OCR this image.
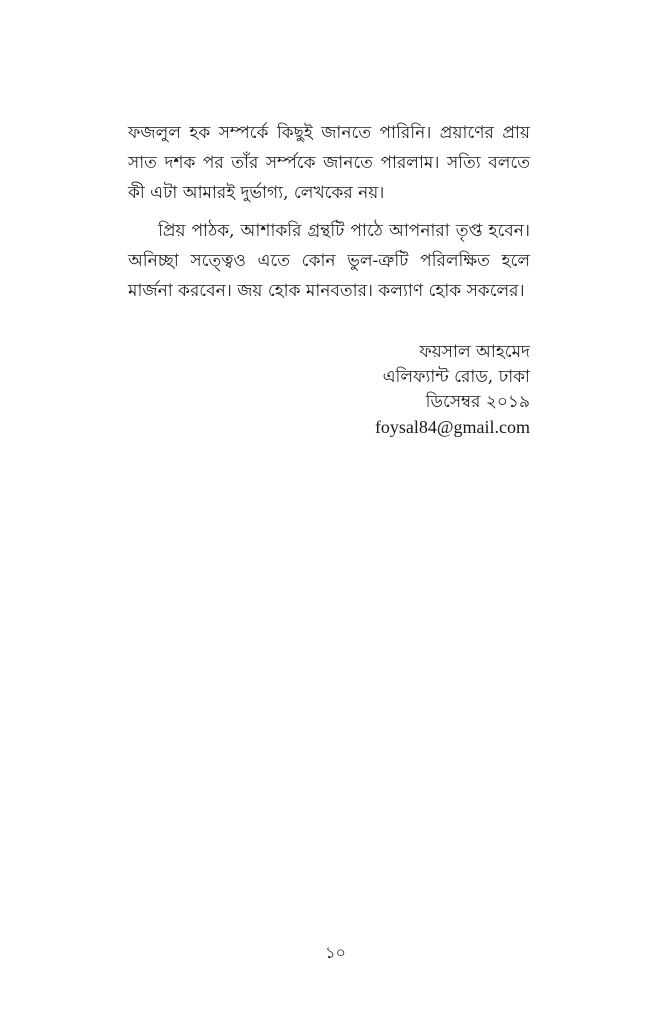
ফজলুল হক সম্পর্কে কিছুই জানতে পারিনি। প্রয়াণের প্রায় সাত দশক পর তাঁর সর্ম্পকে জানতে পারলাম। সত্যি বলতে কী এটা আমারই দুর্ভাগ্য, লেখকের নয়।

প্রিয় পাঠক, আশাকরি গ্রন্থটি পাঠে আপনারা তৃপ্ত হবেন। অনিচ্ছা সত্ত্বেও এতে কোন ভুল-ত্রুটি পরিলক্ষিত হলে মার্জনা করবেন। জয় হোক মানবতার। কল্যাণ হোক সকলের।

ফয়সাল আহমেদ
এলিফ্যান্ট রোড, ঢাকা
ডিসেম্বর ২০১৯
foysal84@gmail.com
১০
